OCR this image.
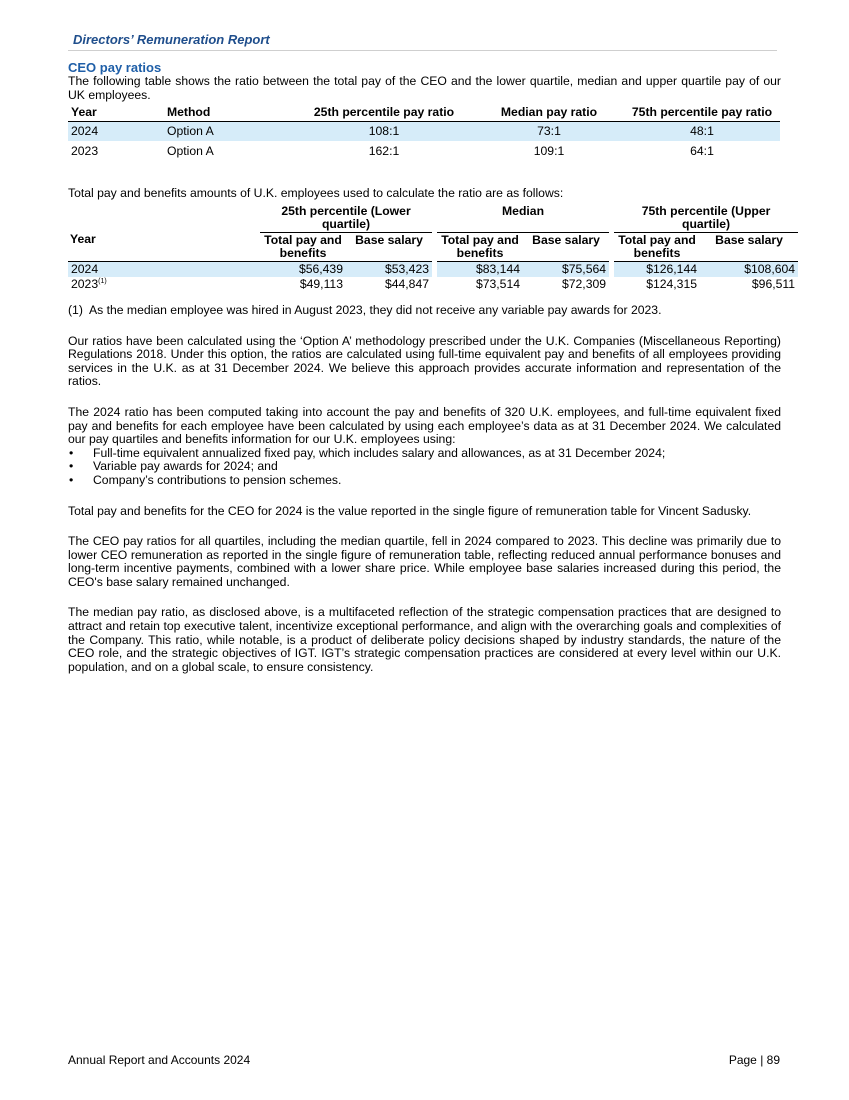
Directors’ Remuneration Report
CEO pay ratios

The following table shows the ratio between the total pay of the CEO and the lower quartile, median and upper quartile pay of our UK employees.

Year	Method	25th percentile pay ratio	Median pay ratio	75th percentile pay ratio
2024	Option A	108:1	73:1	48:1
2023	Option A	162:1	109:1	64:1

Total pay and benefits amounts of U.K. employees used to calculate the ratio are as follows:

	25th percentile (Lower quartile)			Median			75th percentile (Upper quartile)	
Year	Total pay and benefits	Base salary		Total pay and benefits	Base salary		Total pay and benefits	Base salary
2024	$56,439	$53,423		$83,144	$75,564		$126,144	$108,604
2023$^{(1)}$	$49,113	$44,847		$73,514	$72,309		$124,315	$96,511

(1)  As the median employee was hired in August 2023, they did not receive any variable pay awards for 2023.

Our ratios have been calculated using the ‘Option A’ methodology prescribed under the U.K. Companies (Miscellaneous Reporting) Regulations 2018. Under this option, the ratios are calculated using full-time equivalent pay and benefits of all employees providing services in the U.K. as at 31 December 2024. We believe this approach provides accurate information and representation of the ratios.

The 2024 ratio has been computed taking into account the pay and benefits of 320 U.K. employees, and full-time equivalent fixed pay and benefits for each employee have been calculated by using each employee’s data as at 31 December 2024. We calculated our pay quartiles and benefits information for our U.K. employees using:

• Full-time equivalent annualized fixed pay, which includes salary and allowances, as at 31 December 2024;
• Variable pay awards for 2024; and
• Company’s contributions to pension schemes.

Total pay and benefits for the CEO for 2024 is the value reported in the single figure of remuneration table for Vincent Sadusky.

The CEO pay ratios for all quartiles, including the median quartile, fell in 2024 compared to 2023. This decline was primarily due to lower CEO remuneration as reported in the single figure of remuneration table, reflecting reduced annual performance bonuses and long-term incentive payments, combined with a lower share price. While employee base salaries increased during this period, the CEO's base salary remained unchanged.

The median pay ratio, as disclosed above, is a multifaceted reflection of the strategic compensation practices that are designed to attract and retain top executive talent, incentivize exceptional performance, and align with the overarching goals and complexities of the Company. This ratio, while notable, is a product of deliberate policy decisions shaped by industry standards, the nature of the CEO role, and the strategic objectives of IGT. IGT’s strategic compensation practices are considered at every level within our U.K. population, and on a global scale, to ensure consistency.

Annual Report and Accounts 2024	Page | 89
